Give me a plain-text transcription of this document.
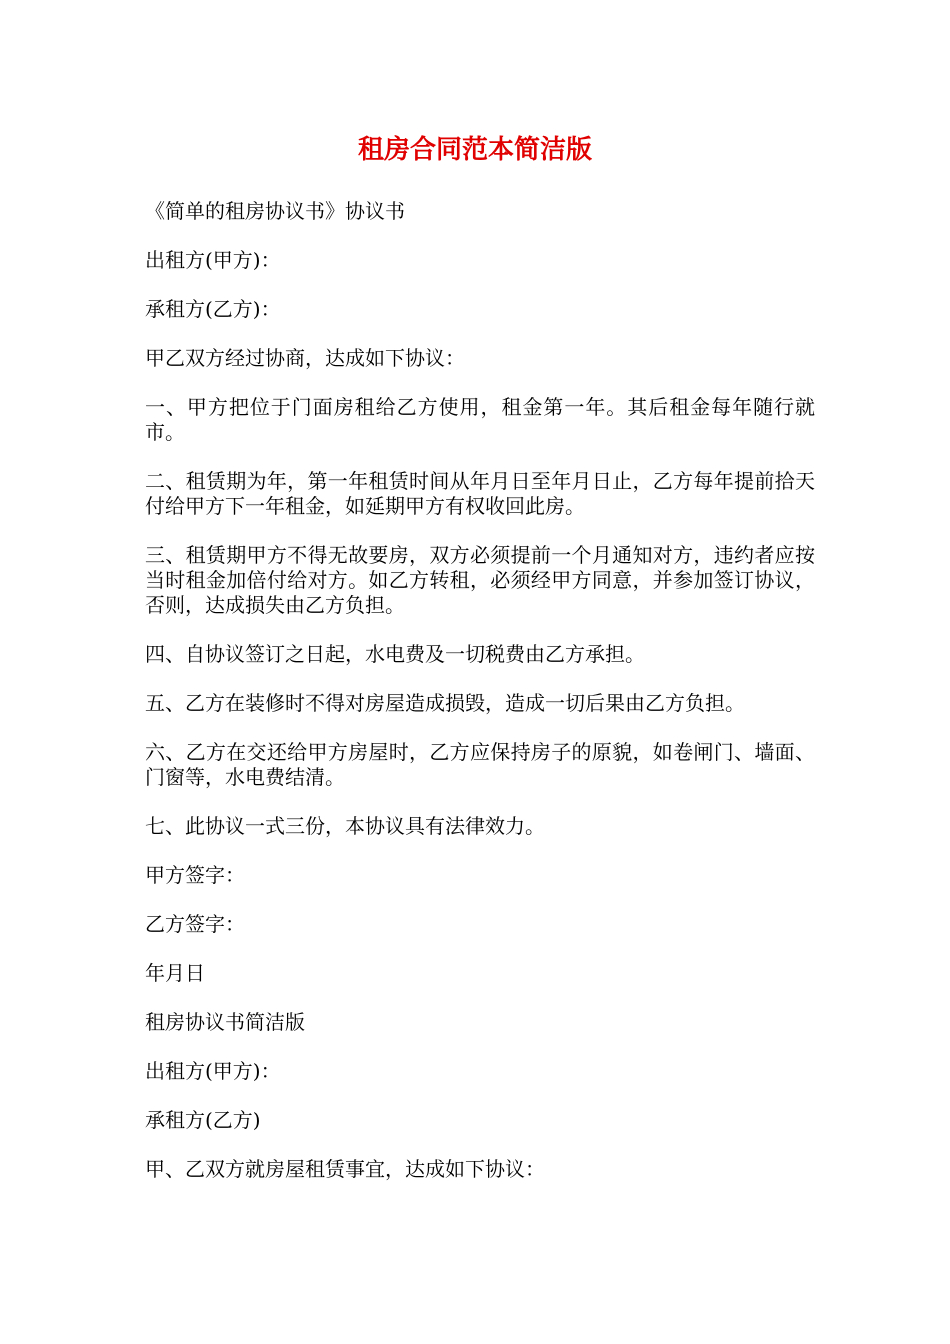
租房合同范本简洁版

《简单的租房协议书》协议书

出租方(甲方)：

承租方(乙方)：

甲乙双方经过协商，达成如下协议：

一、甲方把位于门面房租给乙方使用，租金第一年。其后租金每年随行就市。

二、租赁期为年，第一年租赁时间从年月日至年月日止，乙方每年提前拾天付给甲方下一年租金，如延期甲方有权收回此房。

三、租赁期甲方不得无故要房，双方必须提前一个月通知对方，违约者应按当时租金加倍付给对方。如乙方转租，必须经甲方同意，并参加签订协议，否则，达成损失由乙方负担。

四、自协议签订之日起，水电费及一切税费由乙方承担。

五、乙方在装修时不得对房屋造成损毁，造成一切后果由乙方负担。

六、乙方在交还给甲方房屋时，乙方应保持房子的原貌，如卷闸门、墙面、门窗等，水电费结清。

七、此协议一式三份，本协议具有法律效力。

甲方签字：

乙方签字：

年月日

租房协议书简洁版

出租方(甲方)：

承租方(乙方)

甲、乙双方就房屋租赁事宜，达成如下协议：
